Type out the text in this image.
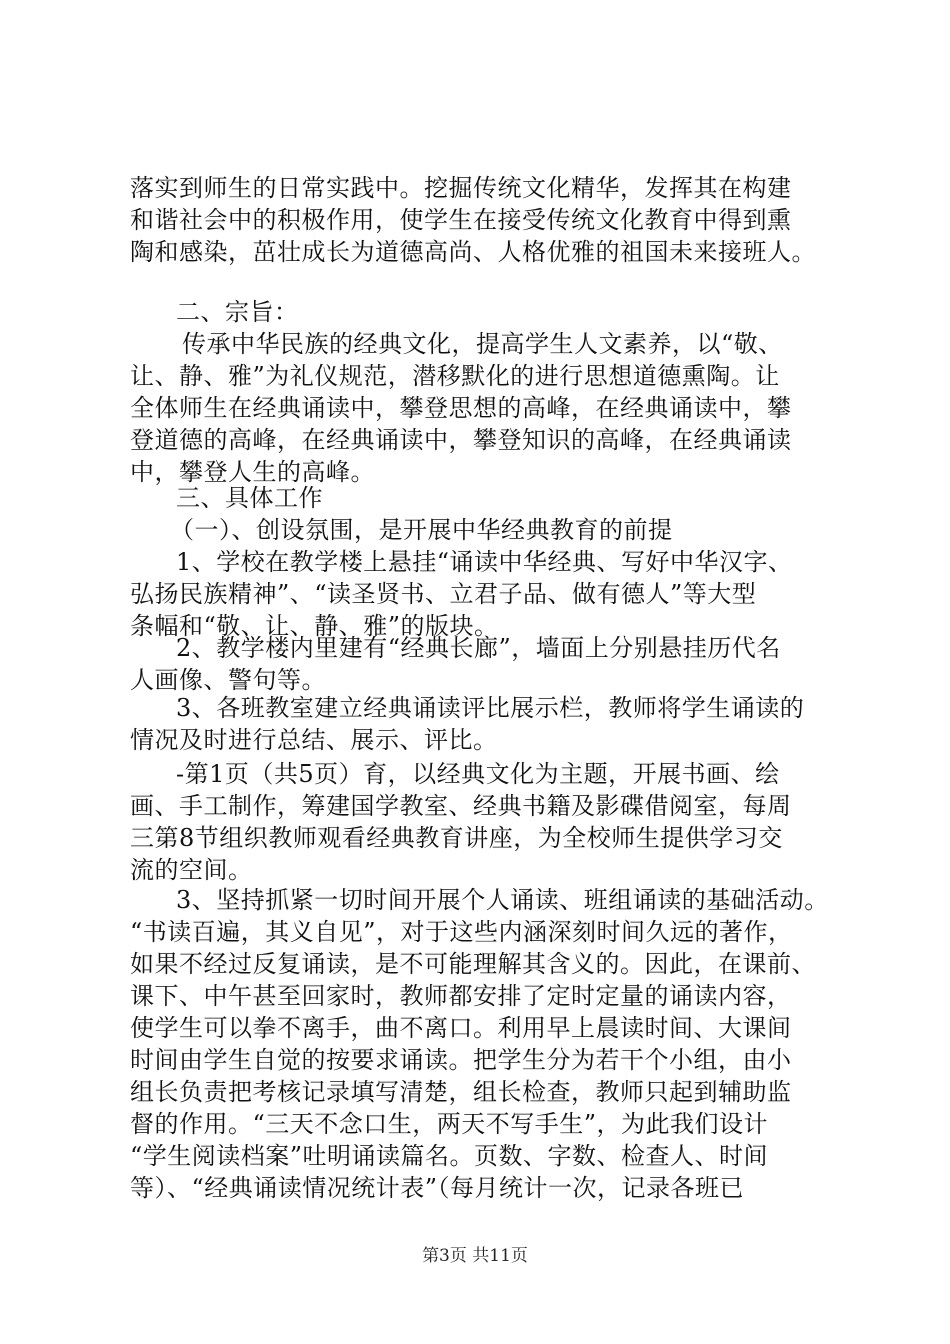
落实到师生的日常实践中。挖掘传统文化精华，发挥其在构建
和谐社会中的积极作用，使学生在接受传统文化教育中得到熏
陶和感染，茁壮成长为道德高尚、人格优雅的祖国未来接班人。
二、宗旨：
传承中华民族的经典文化，提高学生人文素养，以“敬、
让、静、雅”为礼仪规范，潜移默化的进行思想道德熏陶。让
全体师生在经典诵读中，攀登思想的高峰，在经典诵读中，攀
登道德的高峰，在经典诵读中，攀登知识的高峰，在经典诵读
中，攀登人生的高峰。
三、具体工作
（一）、创设氛围，是开展中华经典教育的前提
1、学校在教学楼上悬挂“诵读中华经典、写好中华汉字、
弘扬民族精神”、“读圣贤书、立君子品、做有德人”等大型
条幅和“敬、让、静、雅”的版块。
2、教学楼内里建有“经典长廊”，墙面上分别悬挂历代名
人画像、警句等。
3、各班教室建立经典诵读评比展示栏，教师将学生诵读的
情况及时进行总结、展示、评比。
-第1页（共5页）育，以经典文化为主题，开展书画、绘
画、手工制作，筹建国学教室、经典书籍及影碟借阅室，每周
三第8节组织教师观看经典教育讲座，为全校师生提供学习交
流的空间。
3、坚持抓紧一切时间开展个人诵读、班组诵读的基础活动。
“书读百遍，其义自见”，对于这些内涵深刻时间久远的著作，
如果不经过反复诵读，是不可能理解其含义的。因此，在课前、
课下、中午甚至回家时，教师都安排了定时定量的诵读内容，
使学生可以拳不离手，曲不离口。利用早上晨读时间、大课间
时间由学生自觉的按要求诵读。把学生分为若干个小组，由小
组长负责把考核记录填写清楚，组长检查，教师只起到辅助监
督的作用。“三天不念口生，两天不写手生”，为此我们设计
“学生阅读档案”吐明诵读篇名。页数、字数、检查人、时间
等）、“经典诵读情况统计表”（每月统计一次，记录各班已
第3页 共11页
